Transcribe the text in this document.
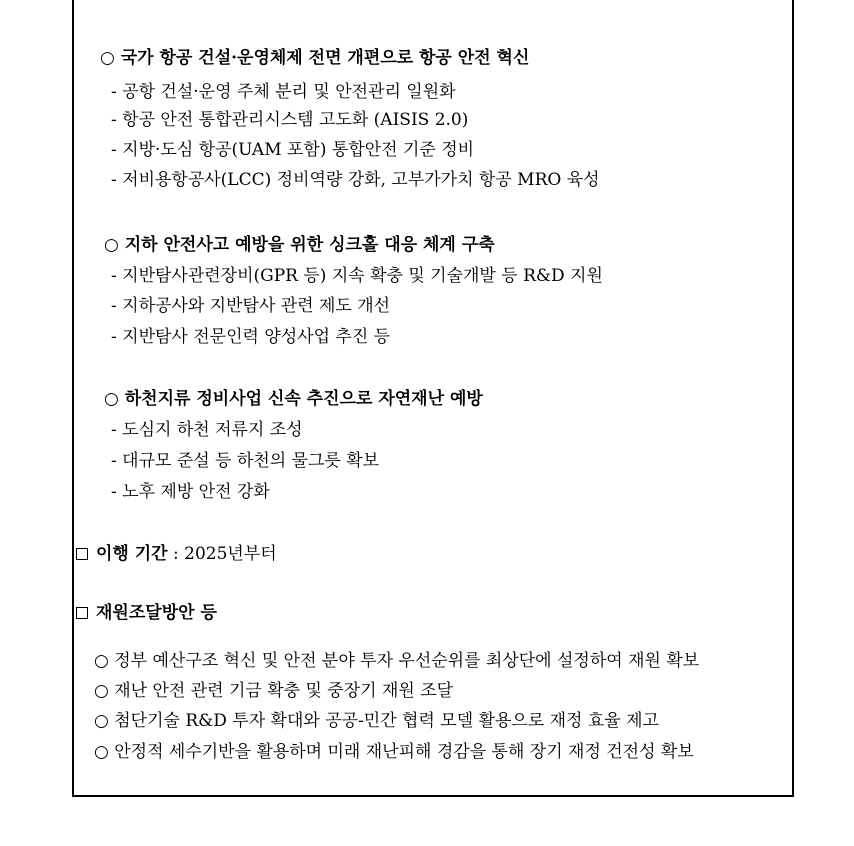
○ 국가 항공 건설·운영체제 전면 개편으로 항공 안전 혁신
- 공항 건설·운영 주체 분리 및 안전관리 일원화
- 항공 안전 통합관리시스템 고도화 (AISIS 2.0)
- 지방·도심 항공(UAM 포함) 통합안전 기준 정비
- 저비용항공사(LCC) 정비역량 강화, 고부가가치 항공 MRO 육성
○ 지하 안전사고 예방을 위한 싱크홀 대응 체계 구축
- 지반탐사관련장비(GPR 등) 지속 확충 및 기술개발 등 R&D 지원
- 지하공사와 지반탐사 관련 제도 개선
- 지반탐사 전문인력 양성사업 추진 등
○ 하천지류 정비사업 신속 추진으로 자연재난 예방
- 도심지 하천 저류지 조성
- 대규모 준설 등 하천의 물그릇 확보
- 노후 제방 안전 강화
이행 기간 : 2025년부터
재원조달방안 등
○ 정부 예산구조 혁신 및 안전 분야 투자 우선순위를 최상단에 설정하여 재원 확보
○ 재난 안전 관련 기금 확충 및 중장기 재원 조달
○ 첨단기술 R&D 투자 확대와 공공-민간 협력 모델 활용으로 재정 효율 제고
○ 안정적 세수기반을 활용하며 미래 재난피해 경감을 통해 장기 재정 건전성 확보
